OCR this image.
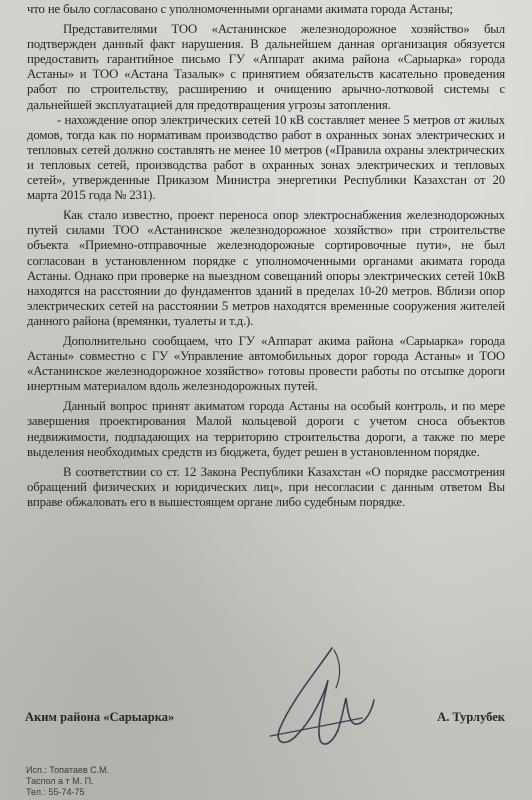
что не было согласовано с уполномоченными органами акимата города Астаны;

Представителями ТОО «Астанинское железнодорожное хозяйство» был подтвержден данный факт нарушения. В дальнейшем данная организация обязуется предоставить гарантийное письмо ГУ «Аппарат акима района «Сарыарка» города Астаны» и ТОО «Астана Тазалык» с принятием обязательств касательно проведения работ по строительству, расширению и очищению арычно-лотковой системы с дальнейшей эксплуатацией для предотвращения угрозы затопления.

- нахождение опор электрических сетей 10 кВ составляет менее 5 метров от жилых домов, тогда как по нормативам производство работ в охранных зонах электрических и тепловых сетей должно составлять не менее 10 метров («Правила охраны электрических и тепловых сетей, производства работ в охранных зонах электрических и тепловых сетей», утвержденные Приказом Министра энергетики Республики Казахстан от 20 марта 2015 года № 231).

Как стало известно, проект переноса опор электроснабжения железнодорожных путей силами ТОО «Астанинское железнодорожное хозяйство» при строительстве объекта «Приемно-отправочные железнодорожные сортировочные пути», не был согласован в установленном порядке с уполномоченными органами акимата города Астаны. Однако при проверке на выездном совещаний опоры электрических сетей 10кВ находятся на расстоянии до фундаментов зданий в пределах 10-20 метров. Вблизи опор электрических сетей на расстоянии 5 метров находятся временные сооружения жителей данного района (времянки, туалеты и т.д.).

Дополнительно сообщаем, что ГУ «Аппарат акима района «Сарыарка» города Астаны» совместно с ГУ «Управление автомобильных дорог города Астаны» и ТОО «Астанинское железнодорожное хозяйство» готовы провести работы по отсыпке дороги инертным материалом вдоль железнодорожных путей.

Данный вопрос принят акиматом города Астаны на особый контроль, и по мере завершения проектирования Малой кольцевой дороги с учетом сноса объектов недвижимости, подпадающих на территорию строительства дороги, а также по мере выделения необходимых средств из бюджета, будет решен в установленном порядке.

В соответствии со ст. 12 Закона Республики Казахстан «О порядке рассмотрения обращений физических и юридических лиц», при несогласии с данным ответом Вы вправе обжаловать его в вышестоящем органе либо судебным порядке.

Аким района «Сарыарка»	А. Турлубек
Исп.: Топатаев С.М.
Таспол а т М. П.
Тел.: 55-74-75
